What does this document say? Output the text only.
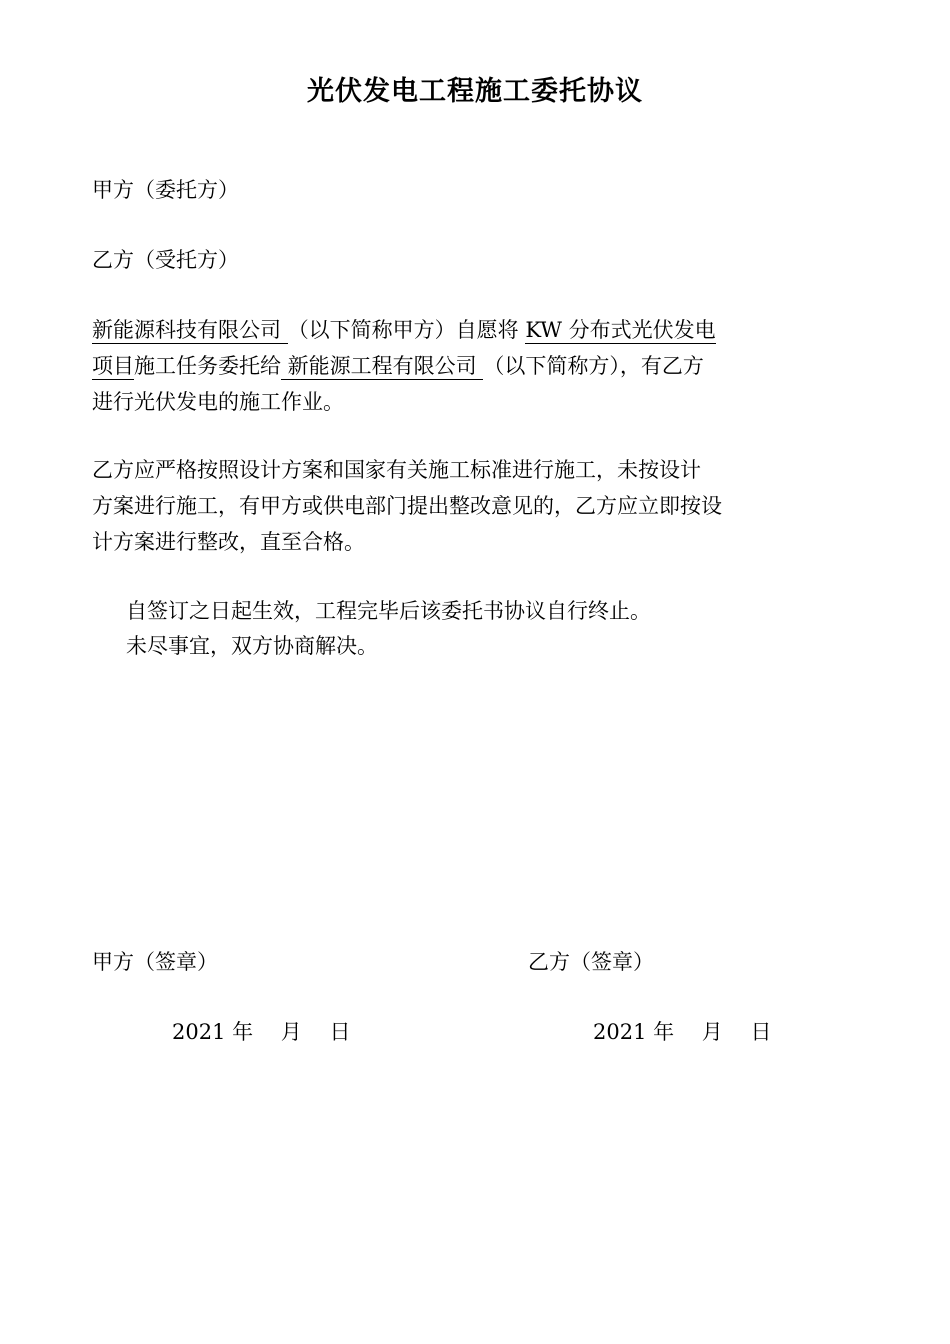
光伏发电工程施工委托协议
甲方（委托方）
乙方（受托方）
新能源科技有限公司 （以下简称甲方）自愿将 KW 分布式光伏发电
项目施工任务委托给 新能源工程有限公司 （以下简称方），有乙方
进行光伏发电的施工作业。
乙方应严格按照设计方案和国家有关施工标准进行施工，未按设计
方案进行施工，有甲方或供电部门提出整改意见的，乙方应立即按设
计方案进行整改，直至合格。
自签订之日起生效，工程完毕后该委托书协议自行终止。
未尽事宜，双方协商解决。
甲方（签章）	乙方（签章）
2021 年　 月　 日	2021 年　 月　 日
